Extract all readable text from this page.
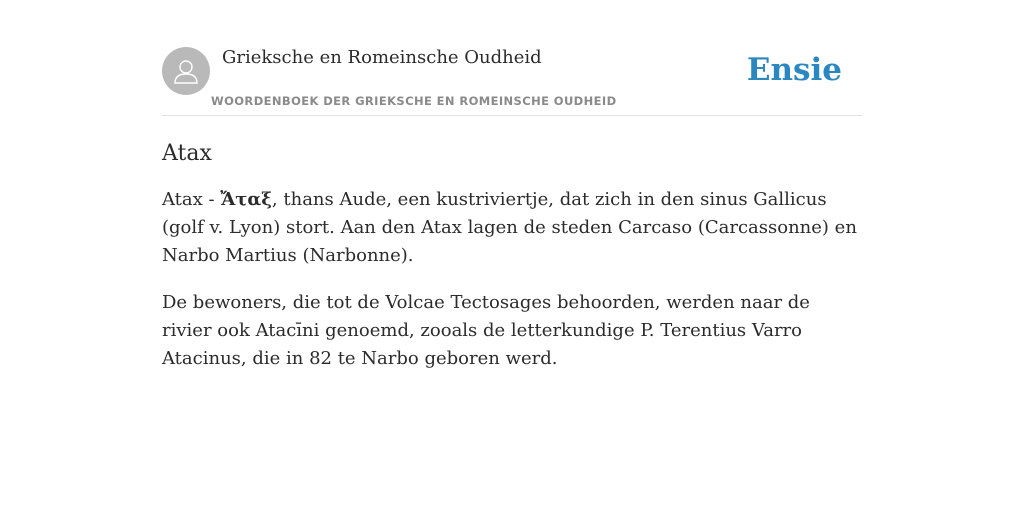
Grieksche en Romeinsche Oudheid
WOORDENBOEK DER GRIEKSCHE EN ROMEINSCHE OUDHEID
Ensie
Atax

Atax - Ἄταξ, thans Aude, een kustriviertje, dat zich in den sinus Gallicus (golf v. Lyon) stort. Aan den Atax lagen de steden Carcaso (Carcassonne) en Narbo Martius (Narbonne).

De bewoners, die tot de Volcae Tectosages behoorden, werden naar de rivier ook Atacīni genoemd, zooals de letterkundige P. Terentius Varro Atacinus, die in 82 te Narbo geboren werd.
